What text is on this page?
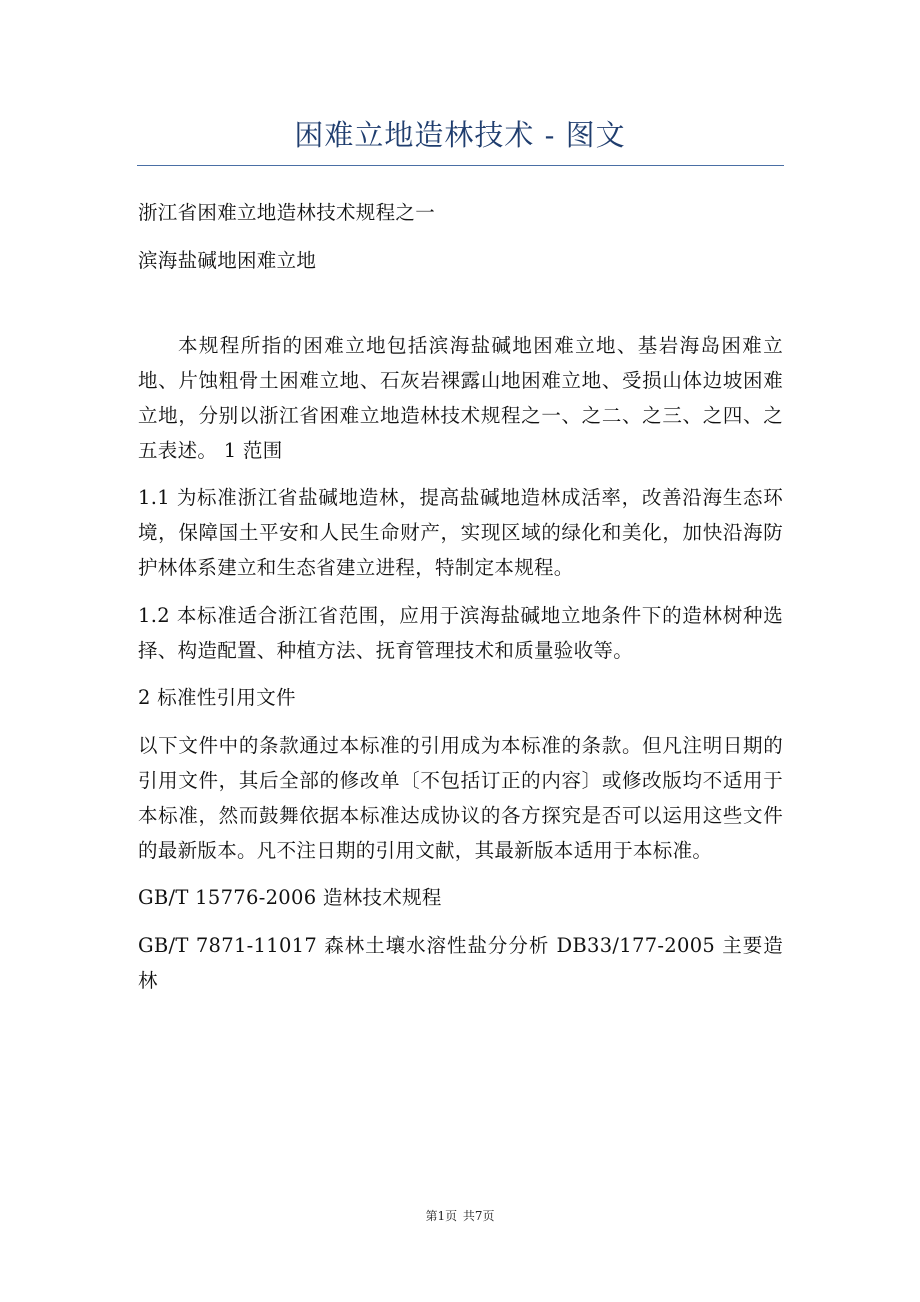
困难立地造林技术 - 图文

浙江省困难立地造林技术规程之一

滨海盐碱地困难立地

本规程所指的困难立地包括滨海盐碱地困难立地、基岩海岛困难立地、片蚀粗骨土困难立地、石灰岩裸露山地困难立地、受损山体边坡困难立地，分别以浙江省困难立地造林技术规程之一、之二、之三、之四、之五表述。 1 范围

1.1 为标准浙江省盐碱地造林，提高盐碱地造林成活率，改善沿海生态环境，保障国土平安和人民生命财产，实现区域的绿化和美化，加快沿海防护林体系建立和生态省建立进程，特制定本规程。

1.2 本标准适合浙江省范围，应用于滨海盐碱地立地条件下的造林树种选择、构造配置、种植方法、抚育管理技术和质量验收等。

2 标准性引用文件

以下文件中的条款通过本标准的引用成为本标准的条款。但凡注明日期的引用文件，其后全部的修改单〔不包括订正的内容〕或修改版均不适用于本标准，然而鼓舞依据本标准达成协议的各方探究是否可以运用这些文件的最新版本。凡不注日期的引用文献，其最新版本适用于本标准。

GB/T 15776-2006 造林技术规程

GB/T 7871-11017 森林土壤水溶性盐分分析 DB33/177-2005 主要造林

第1页 共7页
